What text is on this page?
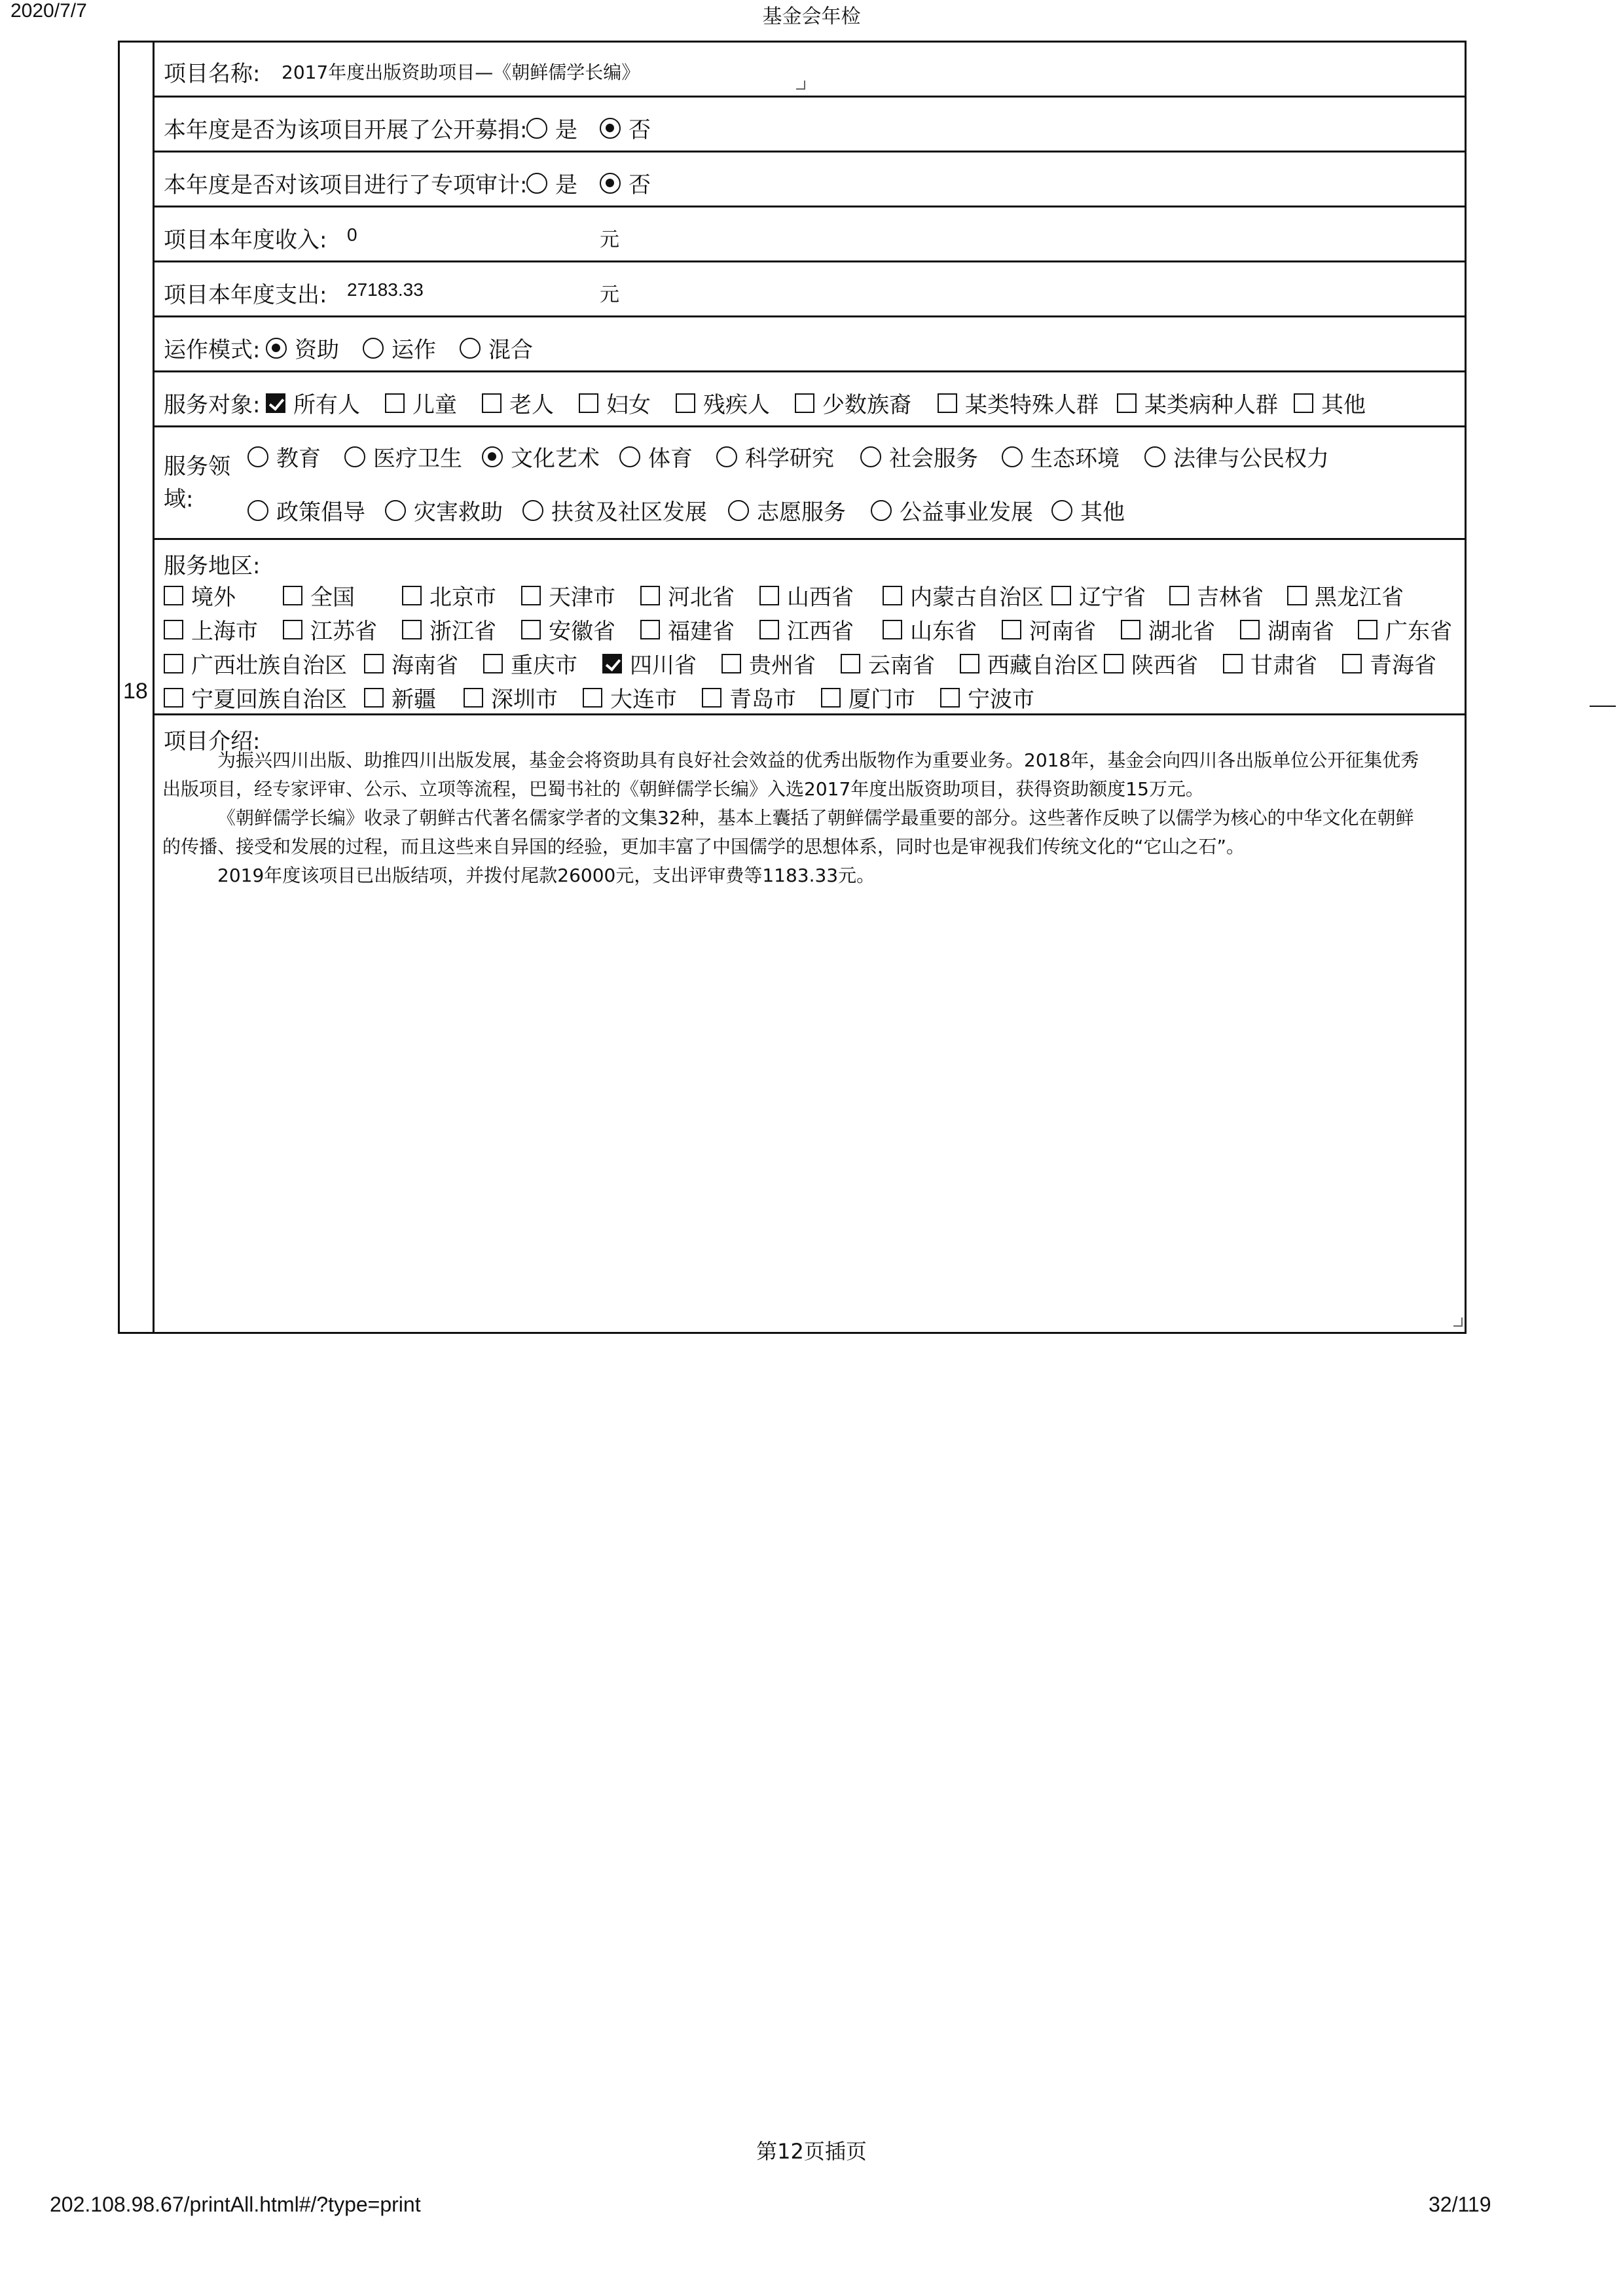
2020/7/7	基金会年检
18
项目名称: 2017年度出版资助项目—《朝鲜儒学长编》
本年度是否为该项目开展了公开募捐: 是 否
本年度是否对该项目进行了专项审计: 是 否
项目本年度收入: 0	元
项目本年度支出: 27183.33	元
运作模式: 资助 运作 混合
服务对象: 所有人 儿童 老人 妇女 残疾人 少数族裔 某类特殊人群 某类病种人群 其他
服务领
域:
教育 医疗卫生 文化艺术 体育 科学研究 社会服务 生态环境 法律与公民权力
政策倡导 灾害救助 扶贫及社区发展 志愿服务 公益事业发展 其他
服务地区:
境外	全国	北京市 天津市 河北省 山西省	内蒙古自治区 辽宁省 吉林省 黑龙江省
上海市 江苏省 浙江省 安徽省 福建省 江西省	山东省 河南省 湖北省 湖南省 广东省
广西壮族自治区 海南省 重庆市 四川省 贵州省 云南省 西藏自治区 陕西省 甘肃省 青海省
宁夏回族自治区 新疆 深圳市 大连市 青岛市 厦门市 宁波市
项目介绍:

为振兴四川出版、助推四川出版发展，基金会将资助具有良好社会效益的优秀出版物作为重要业务。2018年，基金会向四川各出版单位公开征集优秀

出版项目，经专家评审、公示、立项等流程，巴蜀书社的《朝鲜儒学长编》入选2017年度出版资助项目，获得资助额度15万元。

《朝鲜儒学长编》收录了朝鲜古代著名儒家学者的文集32种，基本上囊括了朝鲜儒学最重要的部分。这些著作反映了以儒学为核心的中华文化在朝鲜

的传播、接受和发展的过程，而且这些来自异国的经验，更加丰富了中国儒学的思想体系，同时也是审视我们传统文化的“它山之石”。

2019年度该项目已出版结项，并拨付尾款26000元，支出评审费等1183.33元。

第12页插页
202.108.98.67/printAll.html#/?type=print	32/119
